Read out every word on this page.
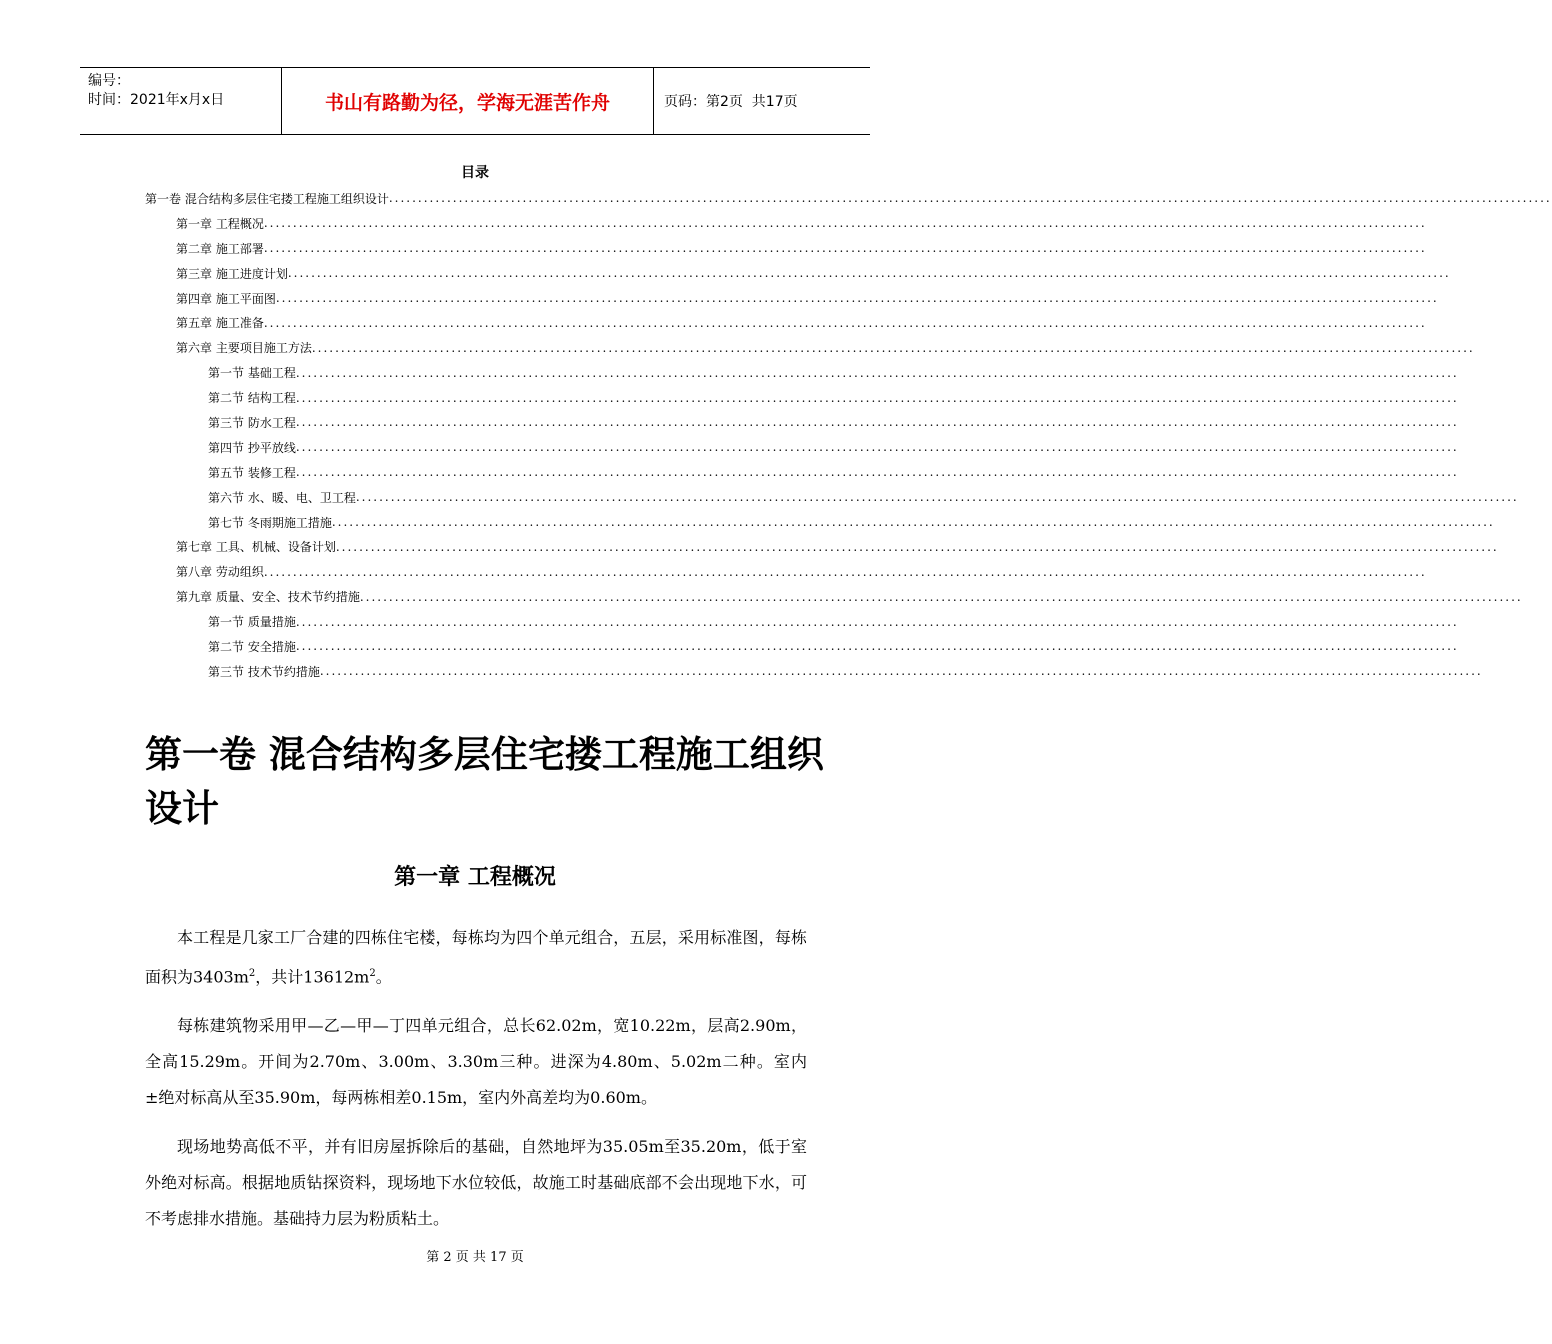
编号：
时间：2021年x月x日	书山有路勤为径，学海无涯苦作舟	页码：第2页  共17页
目录
第一卷 混合结构多层住宅搂工程施工组织设计 ........................................................................................................................................................................................................
第一章 工程概况 ........................................................................................................................................................................................................
第二章 施工部署 ........................................................................................................................................................................................................
第三章 施工进度计划 ........................................................................................................................................................................................................
第四章 施工平面图 ........................................................................................................................................................................................................
第五章 施工准备 ........................................................................................................................................................................................................
第六章 主要项目施工方法 ........................................................................................................................................................................................................
第一节 基础工程 ........................................................................................................................................................................................................
第二节 结构工程 ........................................................................................................................................................................................................
第三节 防水工程 ........................................................................................................................................................................................................
第四节 抄平放线 ........................................................................................................................................................................................................
第五节 装修工程 ........................................................................................................................................................................................................
第六节 水、暖、电、卫工程 ........................................................................................................................................................................................................
第七节 冬雨期施工措施 ........................................................................................................................................................................................................
第七章 工具、机械、设备计划 ........................................................................................................................................................................................................
第八章 劳动组织 ........................................................................................................................................................................................................
第九章 质量、安全、技术节约措施 ........................................................................................................................................................................................................
第一节 质量措施 ........................................................................................................................................................................................................
第二节 安全措施 ........................................................................................................................................................................................................
第三节 技术节约措施 ........................................................................................................................................................................................................
第一卷 混合结构多层住宅搂工程施工组织设计
第一章 工程概况

本工程是几家工厂合建的四栋住宅楼，每栋均为四个单元组合，五层，采用标准图，每栋面积为$3403m^2$，共计$13612m^2$。

每栋建筑物采用甲—乙—甲—丁四单元组合，总长62.02m，宽10.22m，层高2.90m，全高15.29m。开间为2.70m、3.00m、3.30m三种。进深为4.80m、5.02m二种。室内±绝对标高从至35.90m，每两栋相差0.15m，室内外高差均为0.60m。

现场地势高低不平，并有旧房屋拆除后的基础，自然地坪为35.05m至35.20m，低于室外绝对标高。根据地质钻探资料，现场地下水位较低，故施工时基础底部不会出现地下水，可不考虑排水措施。基础持力层为粉质粘土。

第 2 页 共 17 页
